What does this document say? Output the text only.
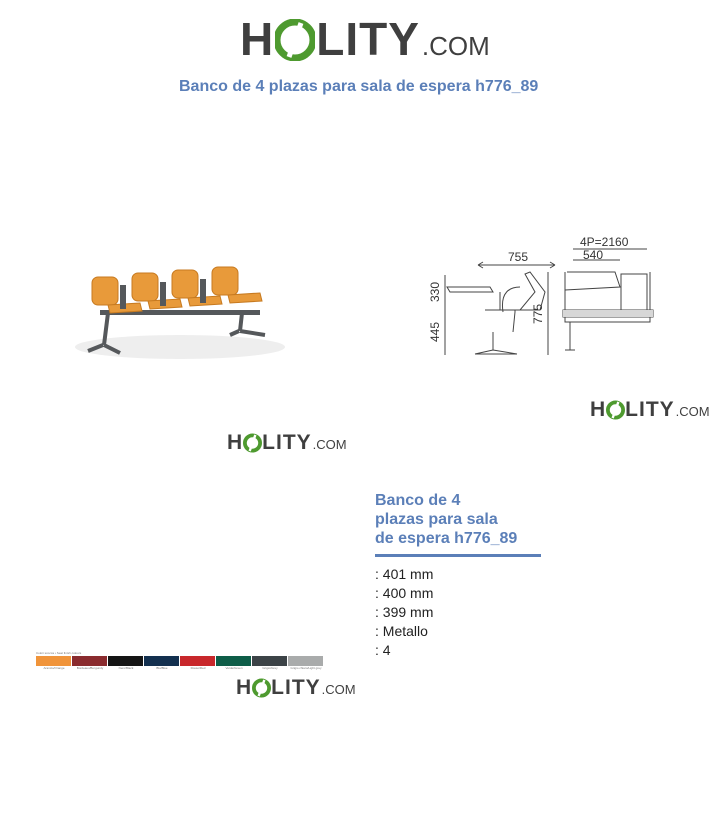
H LITY .COM
Banco de 4 plazas para sala de espera h776_89
755
4P=2160
540
330
445
775
H LITY .COM
H LITY .COM
Banco de 4
plazas para sala
de espera h776_89
: 401 mm
: 400 mm
: 399 mm
: Metallo
: 4
Colori scocca • Seat finish colours
Arancio/Orange	Bordeaux/Burgundy	Nero/Black	Blu/Blue	Rosso/Red	Verde/Green	Grigio/Grey	Grigio chiaro/Light grey
H LITY .COM
